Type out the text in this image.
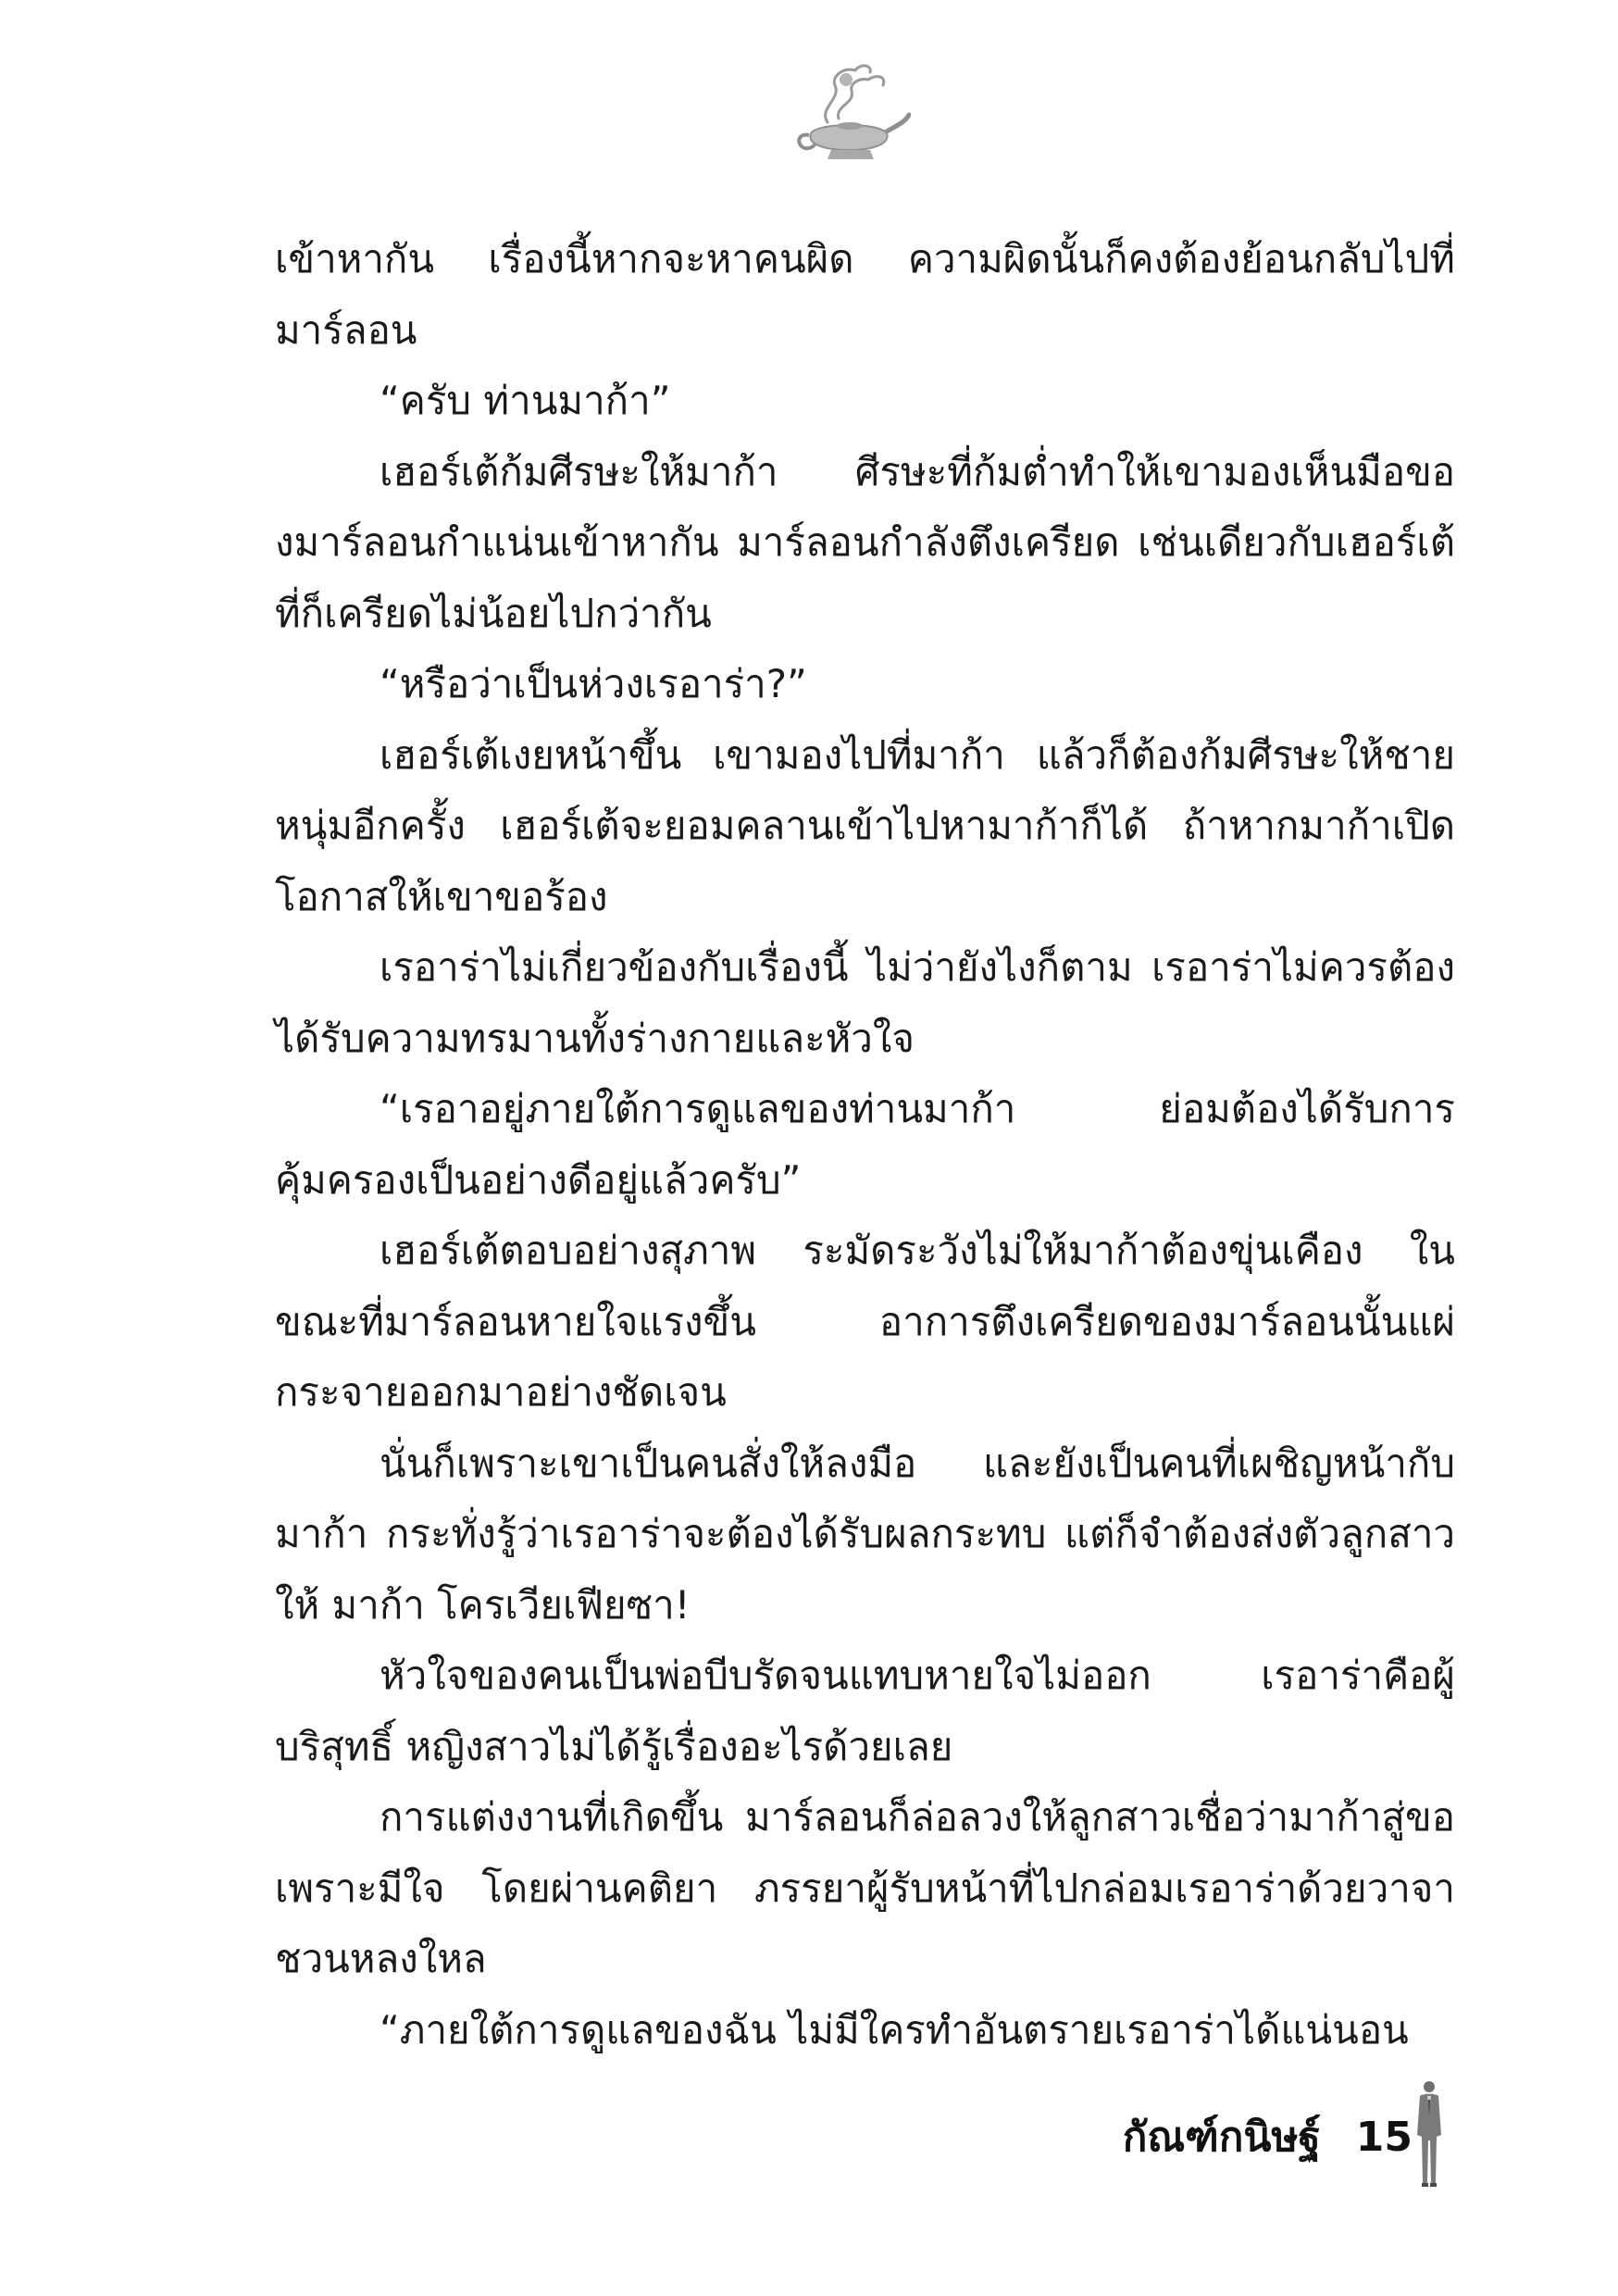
เข้าหากัน เรื่องนี้หากจะหาคนผิด ความผิดนั้นก็คงต้องย้อนกลับไปที่มาร์ลอน

“ครับ ท่านมาก้า”

เฮอร์เต้ก้มศีรษะให้มาก้า ศีรษะที่ก้มต่ำทำให้เขามองเห็นมือของมาร์ลอนกำแน่นเข้าหากัน มาร์ลอนกำลังตึงเครียด เช่นเดียวกับเฮอร์เต้ที่ก็เครียดไม่น้อยไปกว่ากัน

“หรือว่าเป็นห่วงเรอาร่า?”

เฮอร์เต้เงยหน้าขึ้น เขามองไปที่มาก้า แล้วก็ต้องก้มศีรษะให้ชายหนุ่มอีกครั้ง เฮอร์เต้จะยอมคลานเข้าไปหามาก้าก็ได้ ถ้าหากมาก้าเปิดโอกาสให้เขาขอร้อง

เรอาร่าไม่เกี่ยวข้องกับเรื่องนี้ ไม่ว่ายังไงก็ตาม เรอาร่าไม่ควรต้องได้รับความทรมานทั้งร่างกายและหัวใจ

“เรอาอยู่ภายใต้การดูแลของท่านมาก้า ย่อมต้องได้รับการคุ้มครองเป็นอย่างดีอยู่แล้วครับ”

เฮอร์เต้ตอบอย่างสุภาพ ระมัดระวังไม่ให้มาก้าต้องขุ่นเคือง ในขณะที่มาร์ลอนหายใจแรงขึ้น อาการตึงเครียดของมาร์ลอนนั้นแผ่กระจายออกมาอย่างชัดเจน

นั่นก็เพราะเขาเป็นคนสั่งให้ลงมือ และยังเป็นคนที่เผชิญหน้ากับมาก้า กระทั่งรู้ว่าเรอาร่าจะต้องได้รับผลกระทบ แต่ก็จำต้องส่งตัวลูกสาวให้ มาก้า โครเวียเฟียซา!

หัวใจของคนเป็นพ่อบีบรัดจนแทบหายใจไม่ออก เรอาร่าคือผู้บริสุทธิ์ หญิงสาวไม่ได้รู้เรื่องอะไรด้วยเลย

การแต่งงานที่เกิดขึ้น มาร์ลอนก็ล่อลวงให้ลูกสาวเชื่อว่ามาก้าสู่ขอเพราะมีใจ โดยผ่านคติยา ภรรยาผู้รับหน้าที่ไปกล่อมเรอาร่าด้วยวาจาชวนหลงใหล

“ภายใต้การดูแลของฉัน ไม่มีใครทำอันตรายเรอาร่าได้แน่นอน

กัณฑ์กนิษฐ์ 15
